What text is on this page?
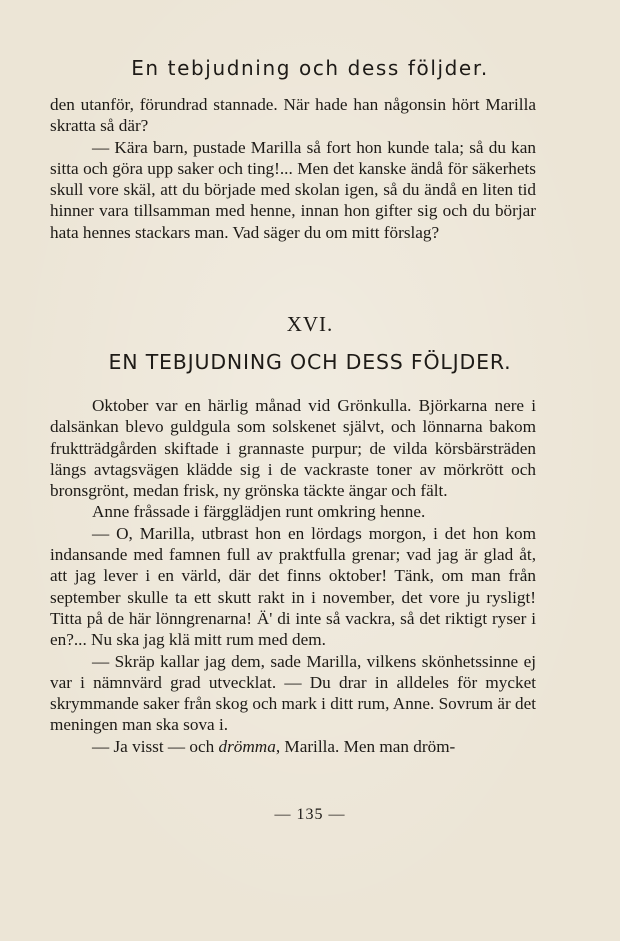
En tebjudning och dess följder.

den utanför, förundrad stannade. När hade han någonsin hört Marilla skratta så där?

— Kära barn, pustade Marilla så fort hon kunde tala; så du kan sitta och göra upp saker och ting!... Men det kanske ändå för säkerhets skull vore skäl, att du började med skolan igen, så du ändå en liten tid hinner vara tillsamman med henne, innan hon gifter sig och du börjar hata hennes stackars man. Vad säger du om mitt förslag?

XVI.
EN TEBJUDNING OCH DESS FÖLJDER.

Oktober var en härlig månad vid Grönkulla. Björkarna nere i dalsänkan blevo guldgula som solskenet självt, och lönnarna bakom fruktträdgården skiftade i grannaste purpur; de vilda körsbärsträden längs avtagsvägen klädde sig i de vackraste toner av mörkrött och bronsgrönt, medan frisk, ny grönska täckte ängar och fält.

Anne fråssade i färgglädjen runt omkring henne.

— O, Marilla, utbrast hon en lördags morgon, i det hon kom indansande med famnen full av praktfulla grenar; vad jag är glad åt, att jag lever i en värld, där det finns oktober! Tänk, om man från september skulle ta ett skutt rakt in i november, det vore ju rysligt! Titta på de här lönngrenarna! Ä' di inte så vackra, så det riktigt ryser i en?... Nu ska jag klä mitt rum med dem.

— Skräp kallar jag dem, sade Marilla, vilkens skönhetssinne ej var i nämnvärd grad utvecklat. — Du drar in alldeles för mycket skrymmande saker från skog och mark i ditt rum, Anne. Sovrum är det meningen man ska sova i.

— Ja visst — och drömma, Marilla. Men man dröm-

— 135 —
